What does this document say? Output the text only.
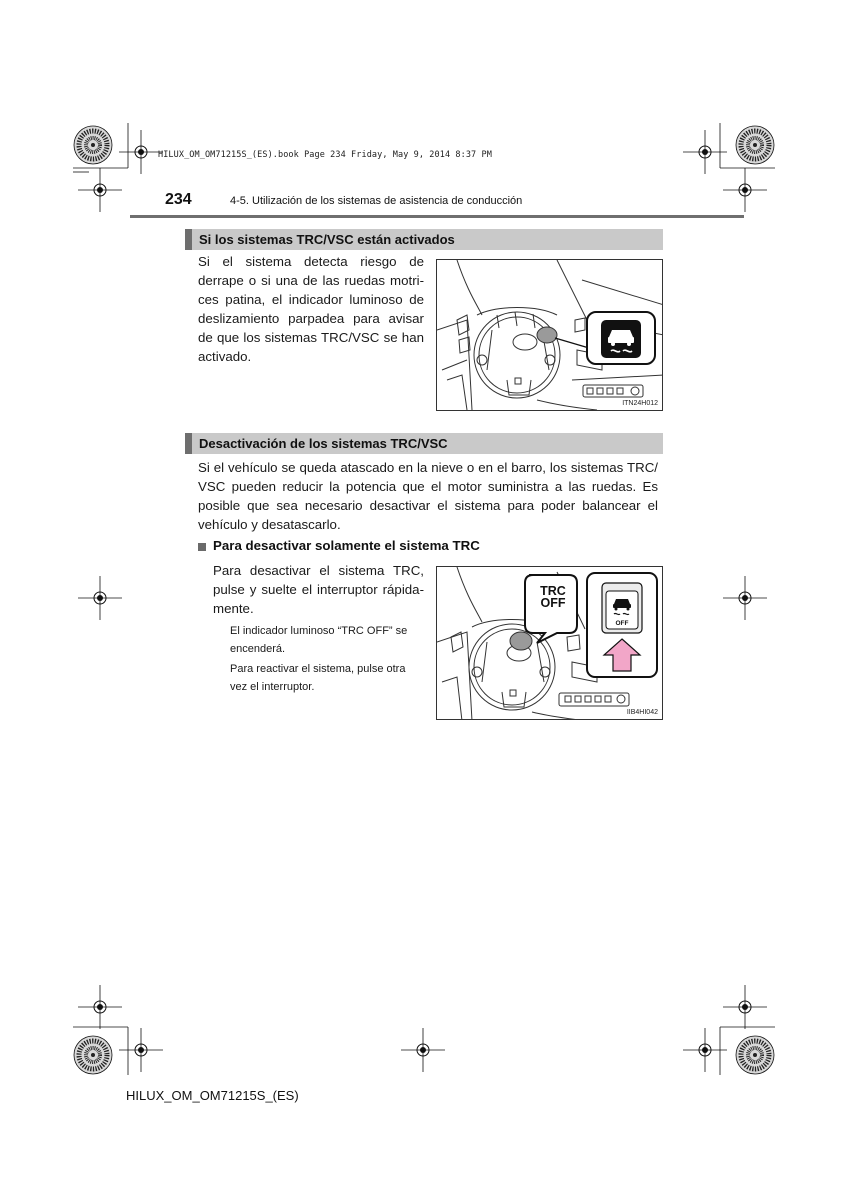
HILUX_OM_OM71215S_(ES).book Page 234 Friday, May 9, 2014 8:37 PM
234	4-5. Utilización de los sistemas de asistencia de conducción
Si los sistemas TRC/VSC están activados
Si el sistema detecta riesgo de
derrape o si una de las ruedas motri-
ces patina, el indicador luminoso de
deslizamiento parpadea para avisar
de que los sistemas TRC/VSC se han
activado.
ITN24H012
Desactivación de los sistemas TRC/VSC
Si el vehículo se queda atascado en la nieve o en el barro, los sistemas TRC/
VSC pueden reducir la potencia que el motor suministra a las ruedas. Es
posible que sea necesario desactivar el sistema para poder balancear el
vehículo y desatascarlo.
Para desactivar solamente el sistema TRC
Para desactivar el sistema TRC,
pulse y suelte el interruptor rápida-
mente.
El indicador luminoso “TRC OFF” se
encenderá.
Para reactivar el sistema, pulse otra
vez el interruptor.
TRC
OFF
OFF
IIB4HI042
HILUX_OM_OM71215S_(ES)
